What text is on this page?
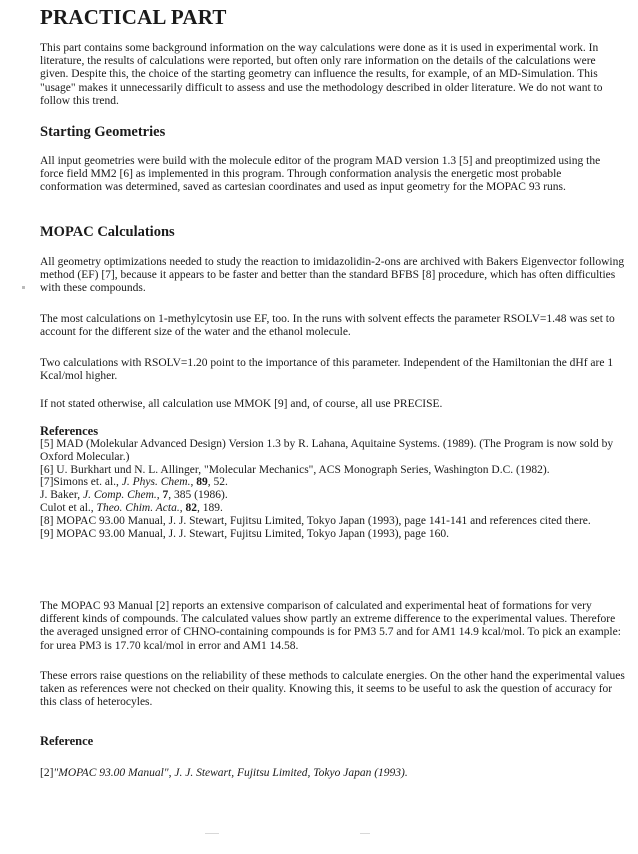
PRACTICAL PART

This part contains some background information on the way calculations were done as it is used in experimental work. In literature, the results of calculations were reported, but often only rare information on the details of the calculations were given. Despite this, the choice of the starting geometry can influence the results, for example, of an MD-Simulation. This "usage" makes it unnecessarily difficult to assess and use the methodology described in older literature. We do not want to follow this trend.

Starting Geometries

All input geometries were build with the molecule editor of the program MAD version 1.3 [5] and preoptimized using the force field MM2 [6] as implemented in this program. Through conformation analysis the energetic most probable conformation was determined, saved as cartesian coordinates and used as input geometry for the MOPAC 93 runs.

MOPAC Calculations

All geometry optimizations needed to study the reaction to imidazolidin-2-ons are archived with Bakers Eigenvector following method (EF) [7], because it appears to be faster and better than the standard BFBS [8] procedure, which has often difficulties with these compounds.

The most calculations on 1-methylcytosin use EF, too. In the runs with solvent effects the parameter RSOLV=1.48 was set to account for the different size of the water and the ethanol molecule.

Two calculations with RSOLV=1.20 point to the importance of this parameter. Independent of the Hamiltonian the dHf are 1 Kcal/mol higher.

If not stated otherwise, all calculation use MMOK [9] and, of course, all use PRECISE.

References

[5] MAD (Molekular Advanced Design) Version 1.3 by R. Lahana, Aquitaine Systems. (1989). (The Program is now sold by Oxford Molecular.)

[6] U. Burkhart und N. L. Allinger, "Molecular Mechanics", ACS Monograph Series, Washington D.C. (1982).

[7]Simons et. al., J. Phys. Chem., 89, 52.

J. Baker, J. Comp. Chem., 7, 385 (1986).

Culot et al., Theo. Chim. Acta., 82, 189.

[8] MOPAC 93.00 Manual, J. J. Stewart, Fujitsu Limited, Tokyo Japan (1993), page 141-141 and references cited there.

[9] MOPAC 93.00 Manual, J. J. Stewart, Fujitsu Limited, Tokyo Japan (1993), page 160.

The MOPAC 93 Manual [2] reports an extensive comparison of calculated and experimental heat of formations for very different kinds of compounds. The calculated values show partly an extreme difference to the experimental values. Therefore the averaged unsigned error of CHNO-containing compounds is for PM3 5.7 and for AM1 14.9 kcal/mol. To pick an example: for urea PM3 is 17.70 kcal/mol in error and AM1 14.58.

These errors raise questions on the reliability of these methods to calculate energies. On the other hand the experimental values taken as references were not checked on their quality. Knowing this, it seems to be useful to ask the question of accuracy for this class of heterocyles.

Reference
[2]"MOPAC 93.00 Manual", J. J. Stewart, Fujitsu Limited, Tokyo Japan (1993).
